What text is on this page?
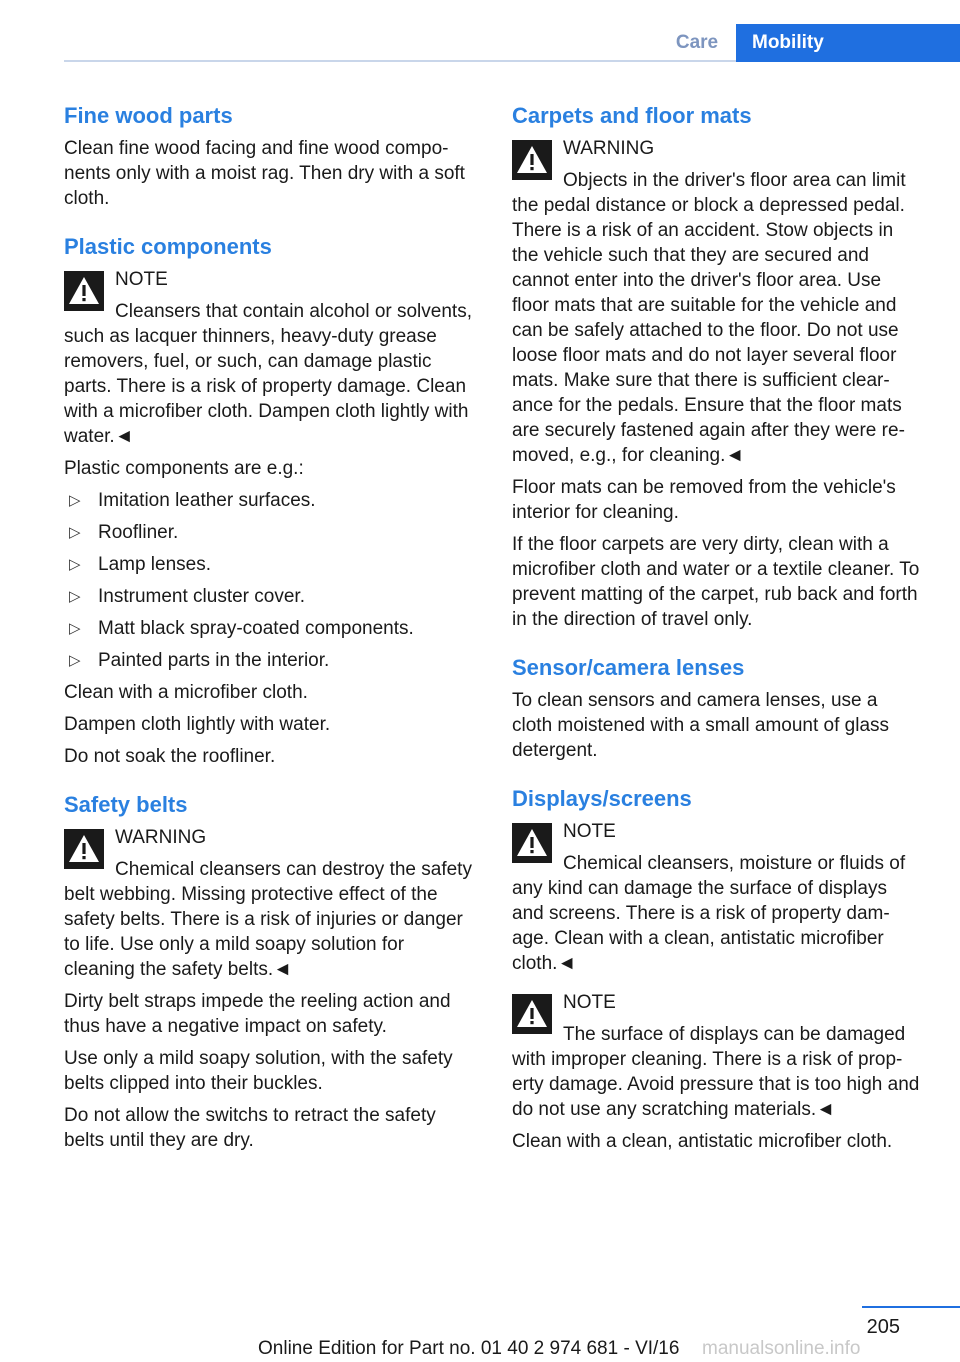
Care	Mobility
Fine wood parts

Clean fine wood facing and fine wood components only with a moist rag. Then dry with a soft cloth.

Plastic components
NOTE
Cleansers that contain alcohol or solvents, such as lacquer thinners, heavy-duty grease removers, fuel, or such, can damage plastic parts. There is a risk of property damage. Clean with a microfiber cloth. Dampen cloth lightly with water.◄

Plastic components are e.g.:

▷ Imitation leather surfaces.
▷ Roofliner.
▷ Lamp lenses.
▷ Instrument cluster cover.
▷ Matt black spray-coated components.
▷ Painted parts in the interior.

Clean with a microfiber cloth.

Dampen cloth lightly with water.

Do not soak the roofliner.

Safety belts
WARNING
Chemical cleansers can destroy the safety belt webbing. Missing protective effect of the safety belts. There is a risk of injuries or danger to life. Use only a mild soapy solution for cleaning the safety belts.◄

Dirty belt straps impede the reeling action and thus have a negative impact on safety.

Use only a mild soapy solution, with the safety belts clipped into their buckles.

Do not allow the switchs to retract the safety belts until they are dry.

Carpets and floor mats
WARNING
Objects in the driver's floor area can limit the pedal distance or block a depressed pedal. There is a risk of an accident. Stow objects in the vehicle such that they are secured and cannot enter into the driver's floor area. Use floor mats that are suitable for the vehicle and can be safely attached to the floor. Do not use loose floor mats and do not layer several floor mats. Make sure that there is sufficient clearance for the pedals. Ensure that the floor mats are securely fastened again after they were removed, e.g., for cleaning.◄

Floor mats can be removed from the vehicle's interior for cleaning.

If the floor carpets are very dirty, clean with a microfiber cloth and water or a textile cleaner. To prevent matting of the carpet, rub back and forth in the direction of travel only.

Sensor/camera lenses

To clean sensors and camera lenses, use a cloth moistened with a small amount of glass detergent.

Displays/screens
NOTE
Chemical cleansers, moisture or fluids of any kind can damage the surface of displays and screens. There is a risk of property damage. Clean with a clean, antistatic microfiber cloth.◄
NOTE
The surface of displays can be damaged with improper cleaning. There is a risk of property damage. Avoid pressure that is too high and do not use any scratching materials.◄

Clean with a clean, antistatic microfiber cloth.

205
Online Edition for Part no. 01 40 2 974 681 - VI/16 manualsonline.info
